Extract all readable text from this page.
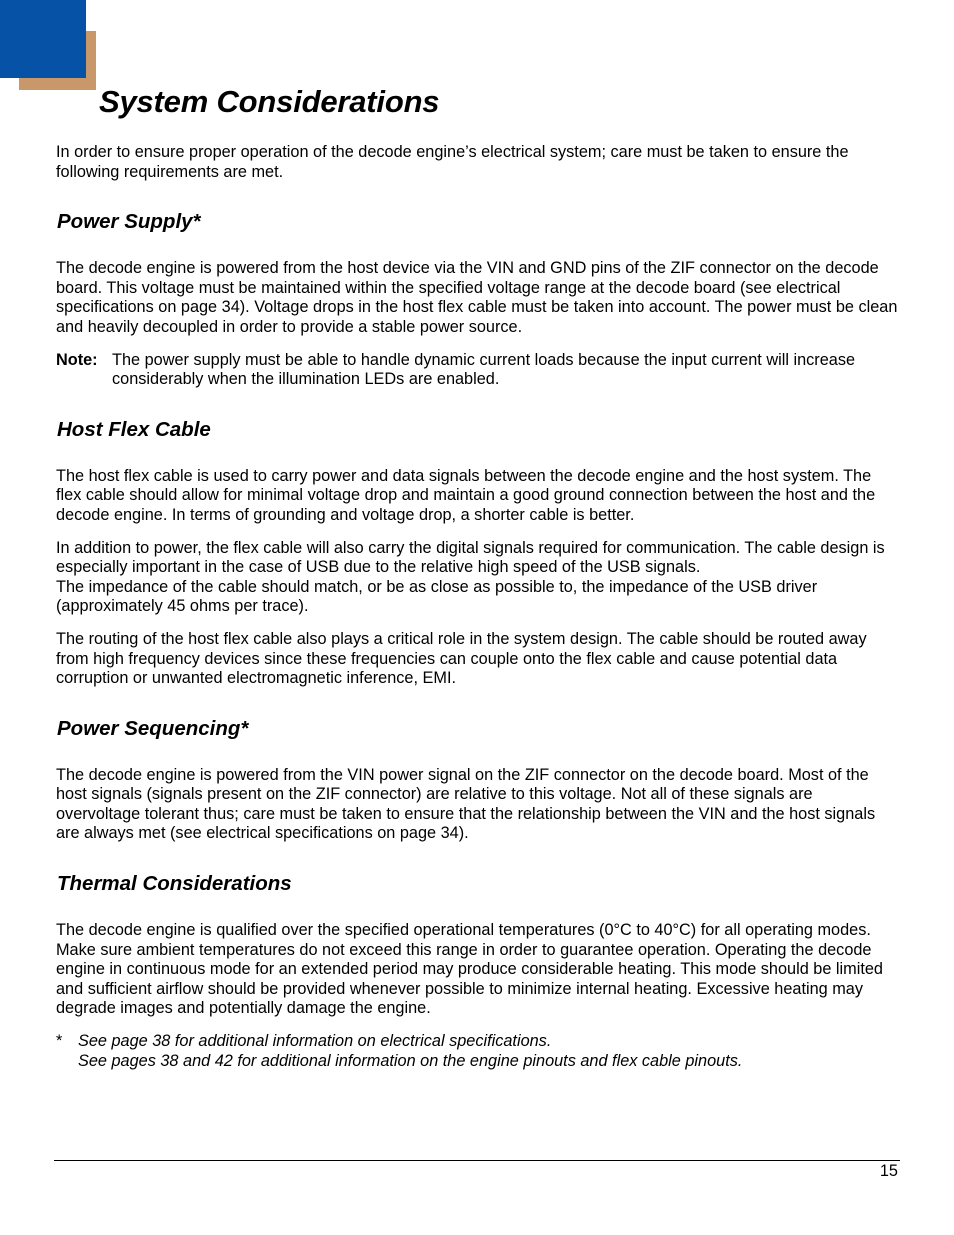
System Considerations

In order to ensure proper operation of the decode engine’s electrical system; care must be taken to ensure the following requirements are met.

Power Supply*

The decode engine is powered from the host device via the VIN and GND pins of the ZIF connector on the decode board. This voltage must be maintained within the specified voltage range at the decode board (see electrical specifications on page 34). Voltage drops in the host flex cable must be taken into account. The power must be clean and heavily decoupled in order to provide a stable power source.

Note: The power supply must be able to handle dynamic current loads because the input current will increase considerably when the illumination LEDs are enabled.
Host Flex Cable

The host flex cable is used to carry power and data signals between the decode engine and the host system. The flex cable should allow for minimal voltage drop and maintain a good ground connection between the host and the decode engine. In terms of grounding and voltage drop, a shorter cable is better.

In addition to power, the flex cable will also carry the digital signals required for communication. The cable design is especially important in the case of USB due to the relative high speed of the USB signals.

The impedance of the cable should match, or be as close as possible to, the impedance of the USB driver (approximately 45 ohms per trace).

The routing of the host flex cable also plays a critical role in the system design. The cable should be routed away from high frequency devices since these frequencies can couple onto the flex cable and cause potential data corruption or unwanted electromagnetic inference, EMI.

Power Sequencing*

The decode engine is powered from the VIN power signal on the ZIF connector on the decode board. Most of the host signals (signals present on the ZIF connector) are relative to this voltage. Not all of these signals are overvoltage tolerant thus; care must be taken to ensure that the relationship between the VIN and the host signals are always met (see electrical specifications on page 34).

Thermal Considerations

The decode engine is qualified over the specified operational temperatures (0°C to 40°C) for all operating modes. Make sure ambient temperatures do not exceed this range in order to guarantee operation. Operating the decode engine in continuous mode for an extended period may produce considerable heating. This mode should be limited and sufficient airflow should be provided whenever possible to minimize internal heating. Excessive heating may degrade images and potentially damage the engine.

* See page 38 for additional information on electrical specifications.
See pages 38 and 42 for additional information on the engine pinouts and flex cable pinouts.
15
